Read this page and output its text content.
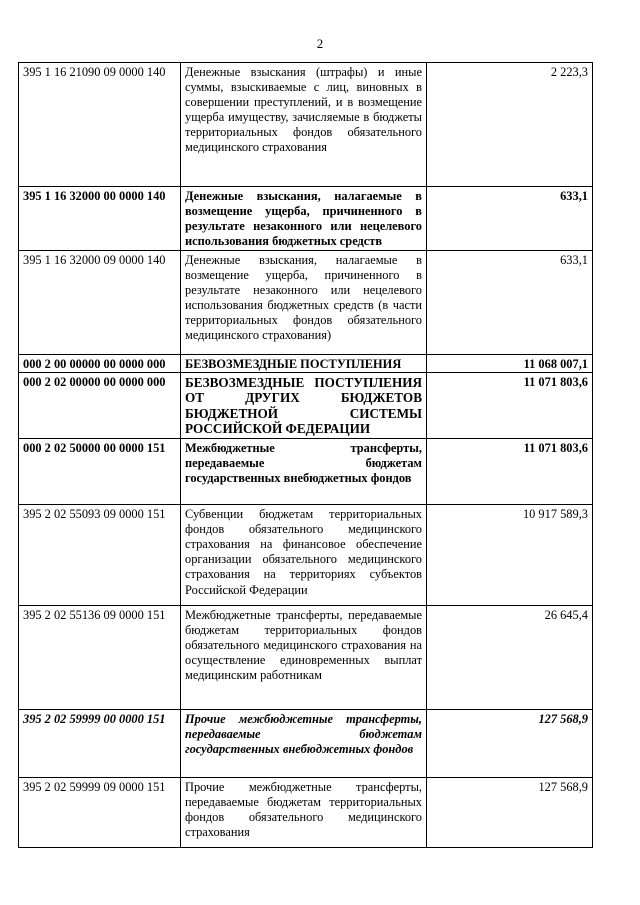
2
395 1 16 21090 09 0000 140	Денежные взыскания (штрафы) и иные суммы, взыскиваемые с лиц, виновных в совершении преступлений, и в возмещение ущерба имуществу, зачисляемые в бюджеты территориальных фондов обязательного медицинского страхования	2 223,3
395 1 16 32000 00 0000 140	Денежные взыскания, налагаемые в возмещение ущерба, причиненного в результате незаконного или нецелевого использования бюджетных средств	633,1
395 1 16 32000 09 0000 140	Денежные взыскания, налагаемые в возмещение ущерба, причиненного в результате незаконного или нецелевого использования бюджетных средств (в части территориальных фондов обязательного медицинского страхования)	633,1
000 2 00 00000 00 0000 000	БЕЗВОЗМЕЗДНЫЕ ПОСТУПЛЕНИЯ	11 068 007,1
000 2 02 00000 00 0000 000	БЕЗВОЗМЕЗДНЫЕ ПОСТУПЛЕНИЯ ОТ ДРУГИХ БЮДЖЕТОВ БЮДЖЕТНОЙ СИСТЕМЫ РОССИЙСКОЙ ФЕДЕРАЦИИ	11 071 803,6
000 2 02 50000 00 0000 151	Межбюджетные трансферты, передаваемые бюджетам государственных внебюджетных фондов	11 071 803,6
395 2 02 55093 09 0000 151	Субвенции бюджетам территориальных фондов обязательного медицинского страхования на финансовое обеспечение организации обязательного медицинского страхования на территориях субъектов Российской Федерации	10 917 589,3
395 2 02 55136 09 0000 151	Межбюджетные трансферты, передаваемые бюджетам территориальных фондов обязательного медицинского страхования на осуществление единовременных выплат медицинским работникам	26 645,4
395 2 02 59999 00 0000 151	Прочие межбюджетные трансферты, передаваемые бюджетам государственных внебюджетных фондов	127 568,9
395 2 02 59999 09 0000 151	Прочие межбюджетные трансферты, передаваемые бюджетам территориальных фондов обязательного медицинского страхования	127 568,9
